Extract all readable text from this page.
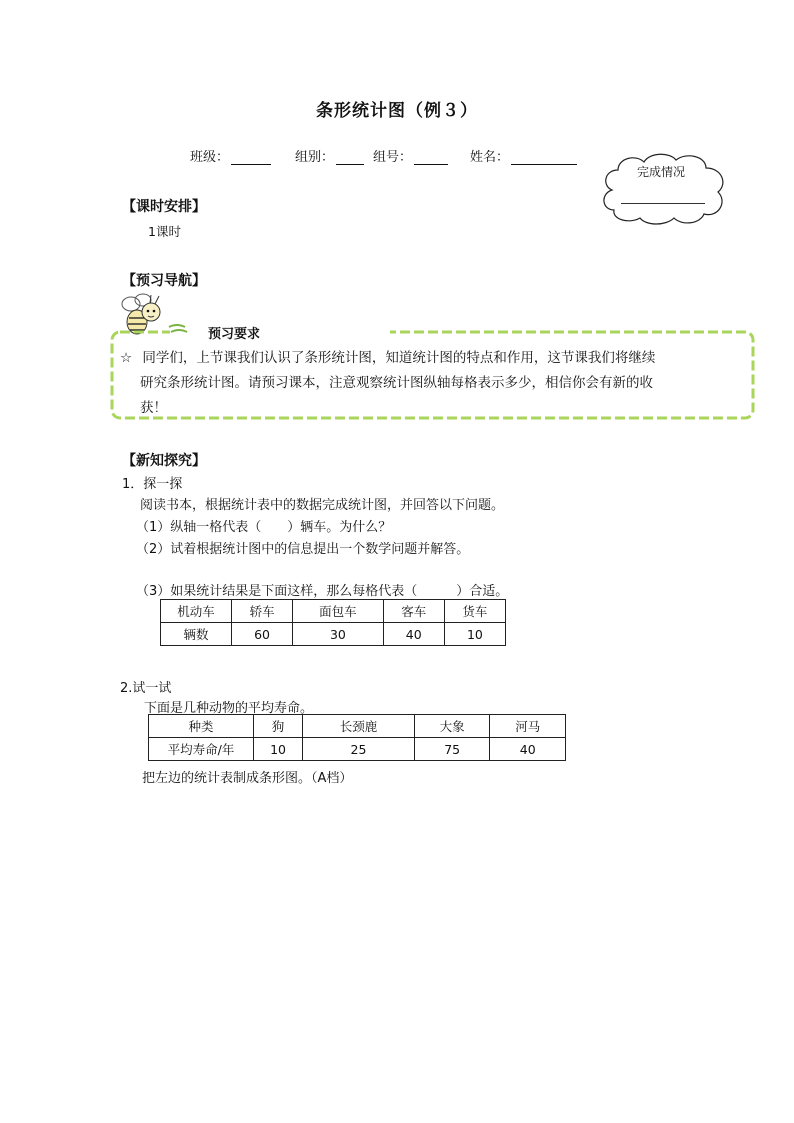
条形统计图（例３）
班级：	组别：	组号：	姓名：
完成情况
【课时安排】
1课时
【预习导航】
预习要求
☆ 同学们，上节课我们认识了条形统计图，知道统计图的特点和作用，这节课我们将继续
研究条形统计图。请预习课本，注意观察统计图纵轴每格表示多少，相信你会有新的收
获！
【新知探究】
1．探一探
阅读书本，根据统计表中的数据完成统计图，并回答以下问题。
（1）纵轴一格代表（　　）辆车。为什么？
（2）试着根据统计图中的信息提出一个数学问题并解答。
（3）如果统计结果是下面这样，那么每格代表（　　　）合适。
机动车	轿车	面包车	客车	货车
辆数	60	30	40	10
2.试一试
下面是几种动物的平均寿命。
种类	狗	长颈鹿	大象	河马
平均寿命/年	10	25	75	40
把左边的统计表制成条形图。（A档）
